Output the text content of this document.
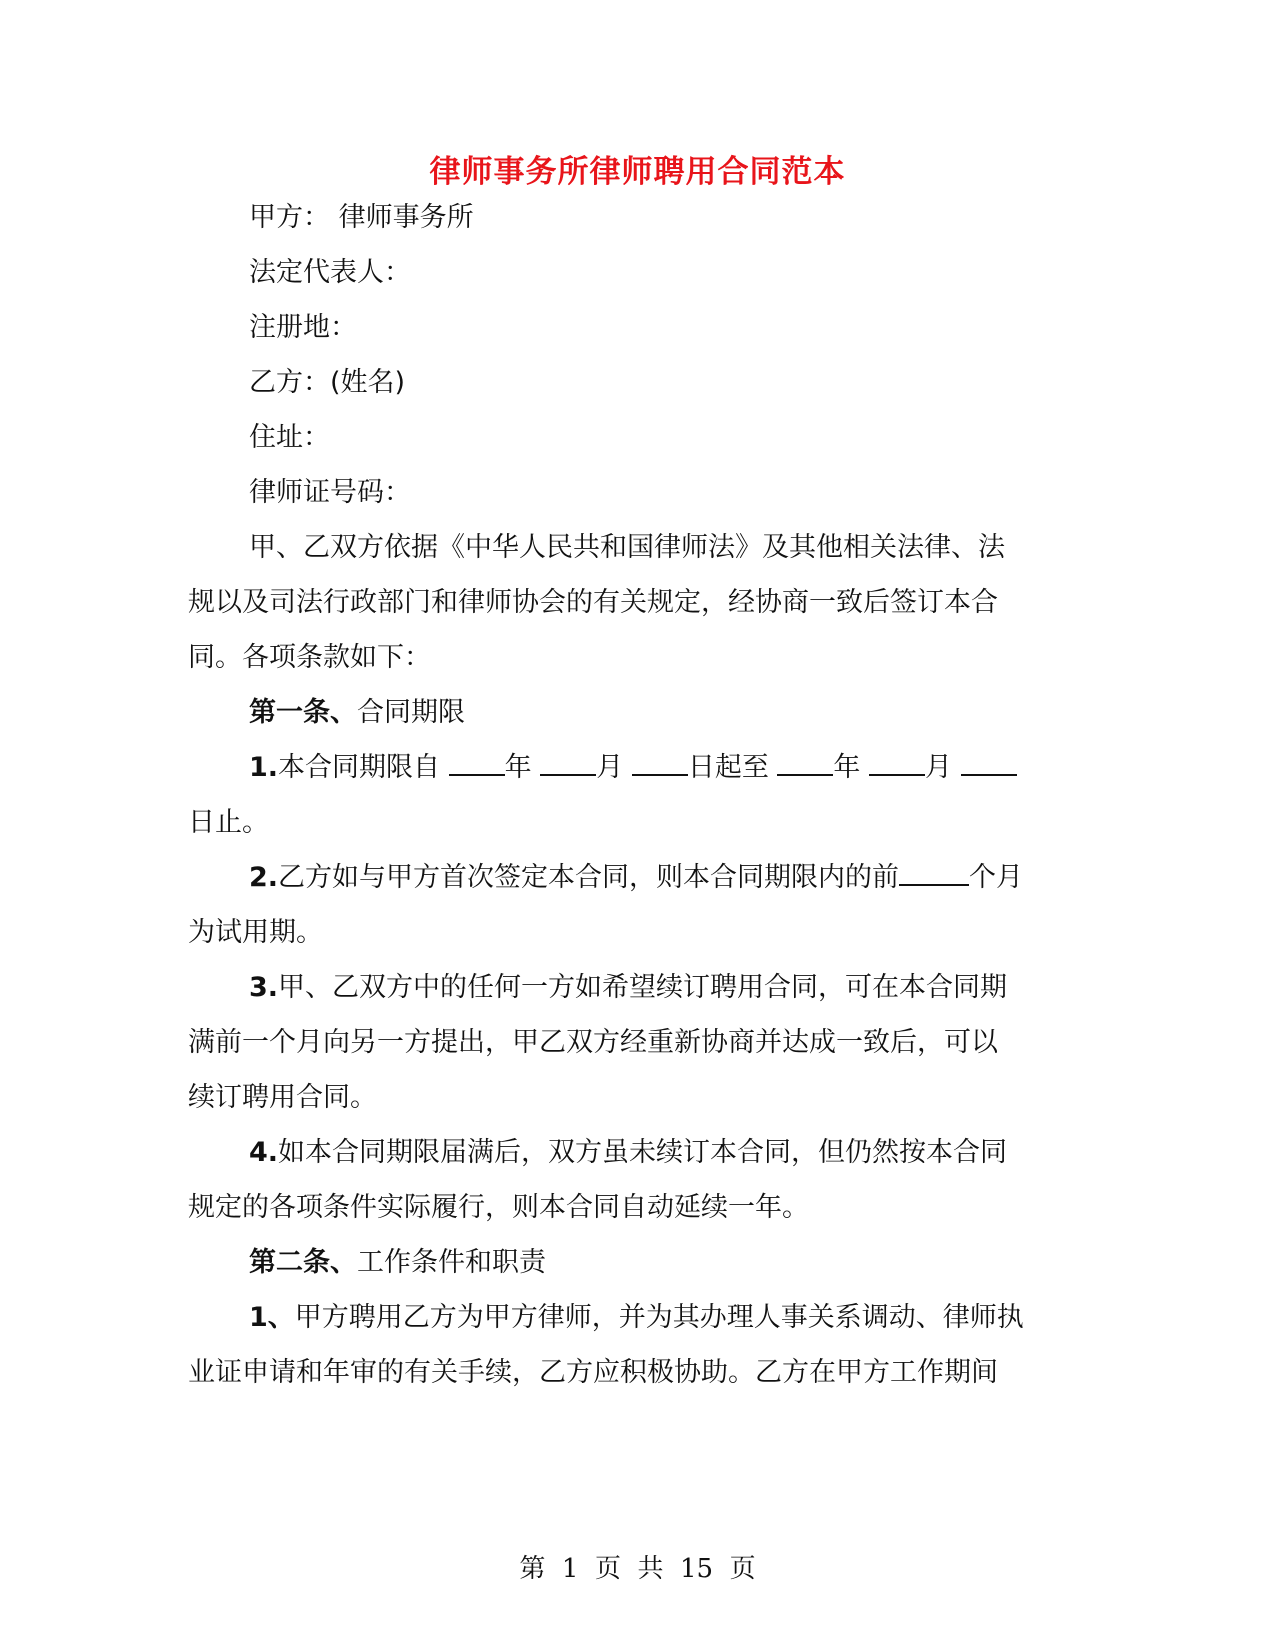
律师事务所律师聘用合同范本
甲方： 律师事务所
法定代表人：
注册地：
乙方：(姓名)
住址：
律师证号码：
甲、乙双方依据《中华人民共和国律师法》及其他相关法律、法
规以及司法行政部门和律师协会的有关规定，经协商一致后签订本合
同。各项条款如下：
第一条、合同期限
1.本合同期限自 年 月 日起至 年 月
日止。
2.乙方如与甲方首次签定本合同，则本合同期限内的前	个月
为试用期。
3.甲、乙双方中的任何一方如希望续订聘用合同，可在本合同期
满前一个月向另一方提出，甲乙双方经重新协商并达成一致后，可以
续订聘用合同。
4.如本合同期限届满后，双方虽未续订本合同，但仍然按本合同
规定的各项条件实际履行，则本合同自动延续一年。
第二条、工作条件和职责
1、甲方聘用乙方为甲方律师，并为其办理人事关系调动、律师执
业证申请和年审的有关手续，乙方应积极协助。乙方在甲方工作期间
第  1  页  共  15  页
